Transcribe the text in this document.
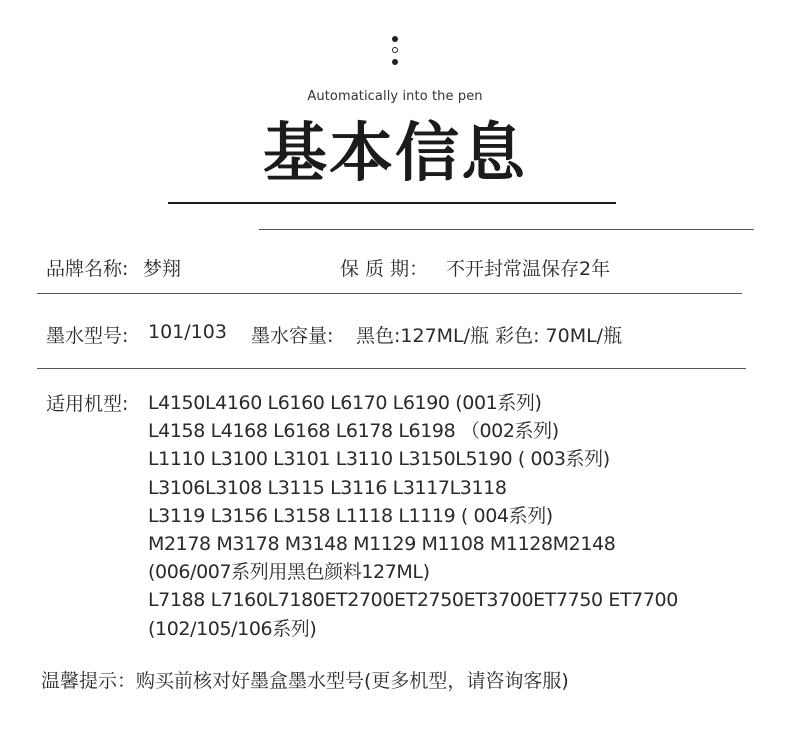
Automatically into the pen
基本信息
品牌名称: 梦翔	保 质 期： 不开封常温保存2年
墨水型号: 101/103 墨水容量: 黑色:127ML/瓶 彩色: 70ML/瓶
适用机型: L4150L4160 L6160 L6170 L6190 (001系列)
L4158 L4168 L6168 L6178 L6198 （002系列)
L1110 L3100 L3101 L3110 L3150L5190 ( 003系列)
L3106L3108 L3115 L3116 L3117L3118
L3119 L3156 L3158 L1118 L1119 ( 004系列)
M2178 M3178 M3148 M1129 M1108 M1128M2148
(006/007系列用黑色颜料127ML)
L7188 L7160L7180ET2700ET2750ET3700ET7750 ET7700
(102/105/106系列)
温馨提示：购买前核对好墨盒墨水型号(更多机型，请咨询客服)
